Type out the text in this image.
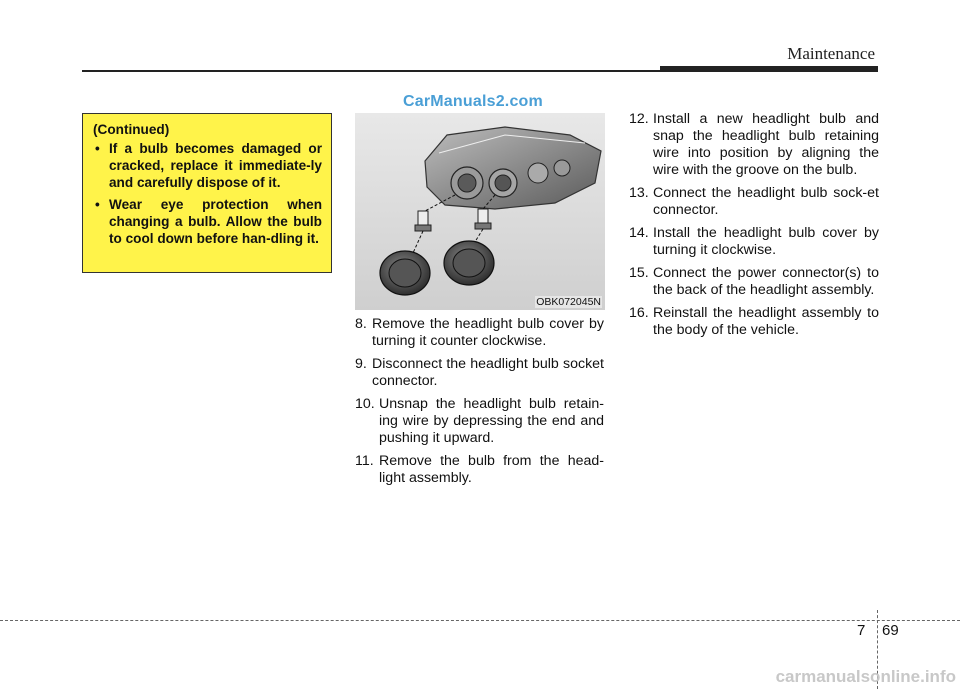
Maintenance
CarManuals2.com
(Continued)
• If a bulb becomes damaged or cracked, replace it immediate-ly and carefully dispose of it.
• Wear eye protection when changing a bulb. Allow the bulb to cool down before han-dling it.
OBK072045N
8. Remove the headlight bulb cover by turning it counter clockwise.
9. Disconnect the headlight bulb socket connector.
10. Unsnap the headlight bulb retain-ing wire by depressing the end and pushing it upward.
11. Remove the bulb from the head-light assembly.
12. Install a new headlight bulb and snap the headlight bulb retaining wire into position by aligning the wire with the groove on the bulb.
13. Connect the headlight bulb sock-et connector.
14. Install the headlight bulb cover by turning it clockwise.
15. Connect the power connector(s) to the back of the headlight assembly.
16. Reinstall the headlight assembly to the body of the vehicle.
7 69
carmanualsonline.info
